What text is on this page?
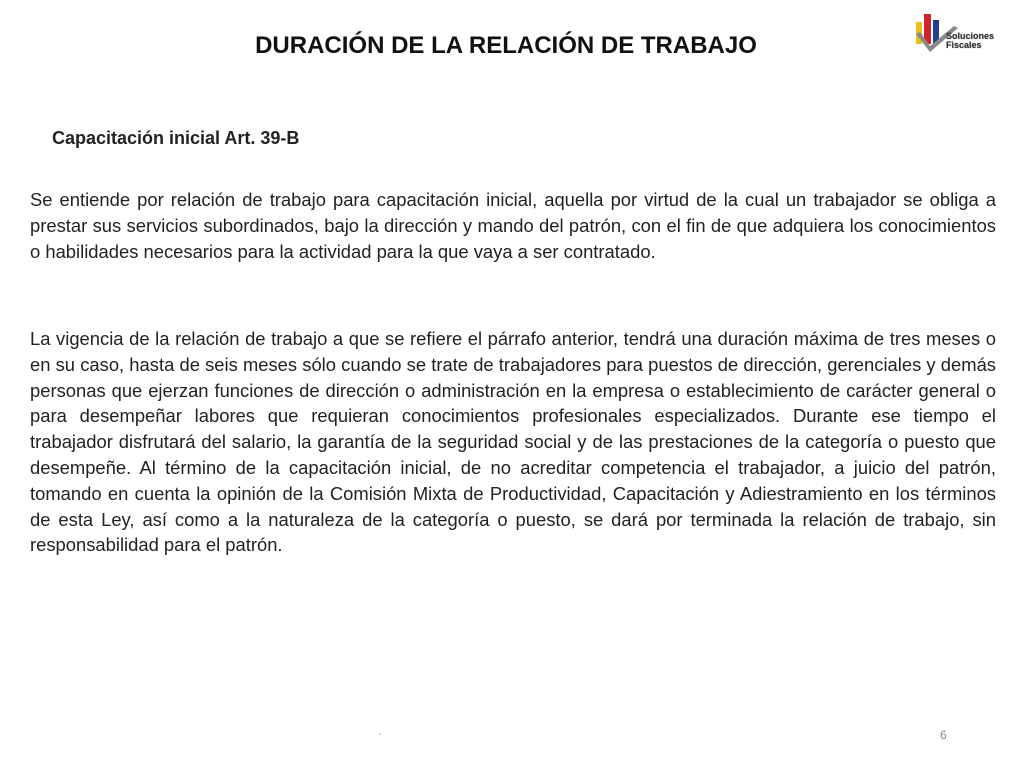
Soluciones
Fiscales
DURACIÓN DE LA RELACIÓN DE TRABAJO
Capacitación inicial Art. 39-B

Se entiende por relación de trabajo para capacitación inicial, aquella por virtud de la cual un trabajador se obliga a prestar sus servicios subordinados, bajo la dirección y mando del patrón, con el fin de que adquiera los conocimientos o habilidades necesarios para la actividad para la que vaya a ser contratado.

La vigencia de la relación de trabajo a que se refiere el párrafo anterior, tendrá una duración máxima de tres meses o en su caso, hasta de seis meses sólo cuando se trate de trabajadores para puestos de dirección, gerenciales y demás personas que ejerzan funciones de dirección o administración en la empresa o establecimiento de carácter general o para desempeñar labores que requieran conocimientos profesionales especializados. Durante ese tiempo el trabajador disfrutará del salario, la garantía de la seguridad social y de las prestaciones de la categoría o puesto que desempeñe. Al término de la capacitación inicial, de no acreditar competencia el trabajador, a juicio del patrón, tomando en cuenta la opinión de la Comisión Mixta de Productividad, Capacitación y Adiestramiento en los términos de esta Ley, así como a la naturaleza de la categoría o puesto, se dará por terminada la relación de trabajo, sin responsabilidad para el patrón.

.	6
